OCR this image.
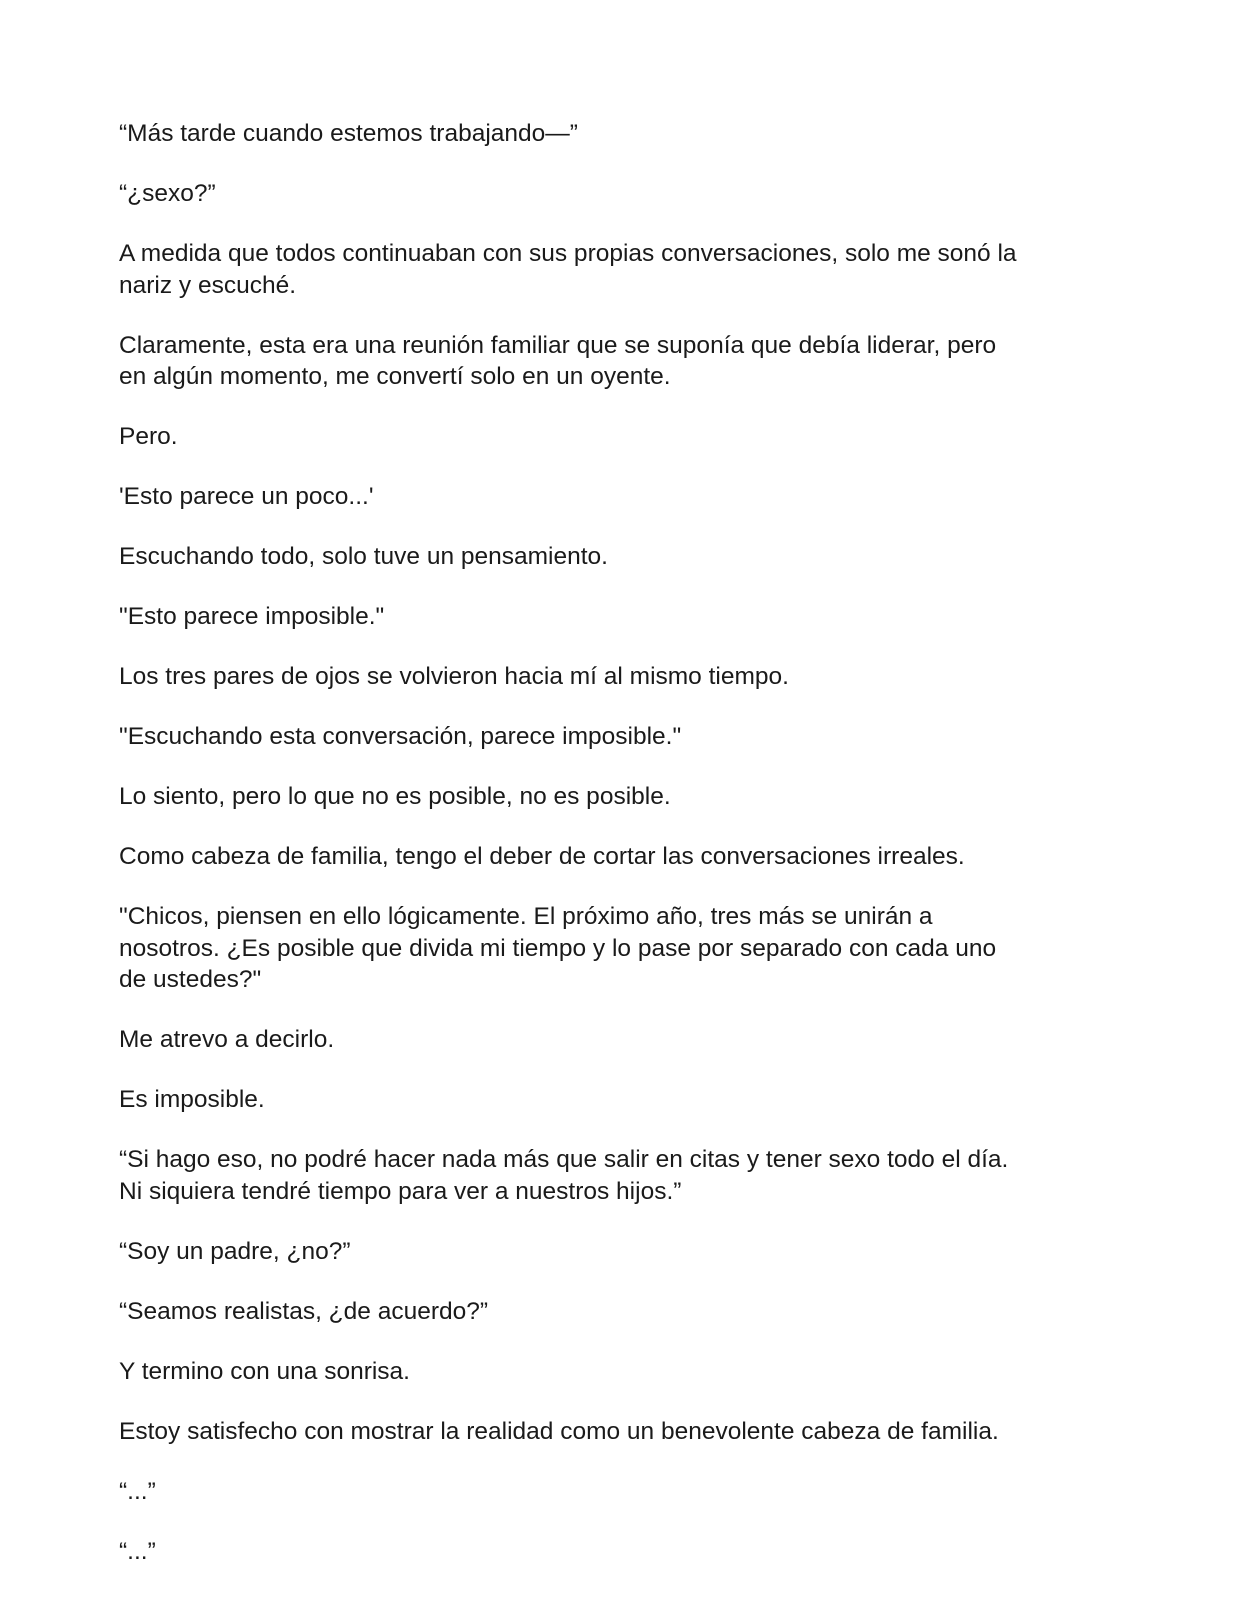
“Más tarde cuando estemos trabajando—”

“¿sexo?”

A medida que todos continuaban con sus propias conversaciones, solo me sonó la
nariz y escuché.

Claramente, esta era una reunión familiar que se suponía que debía liderar, pero
en algún momento, me convertí solo en un oyente.

Pero.

'Esto parece un poco...'

Escuchando todo, solo tuve un pensamiento.

"Esto parece imposible."

Los tres pares de ojos se volvieron hacia mí al mismo tiempo.

"Escuchando esta conversación, parece imposible."

Lo siento, pero lo que no es posible, no es posible.

Como cabeza de familia, tengo el deber de cortar las conversaciones irreales.

"Chicos, piensen en ello lógicamente. El próximo año, tres más se unirán a
nosotros. ¿Es posible que divida mi tiempo y lo pase por separado con cada uno
de ustedes?"

Me atrevo a decirlo.

Es imposible.

“Si hago eso, no podré hacer nada más que salir en citas y tener sexo todo el día.
Ni siquiera tendré tiempo para ver a nuestros hijos.”

“Soy un padre, ¿no?”

“Seamos realistas, ¿de acuerdo?”

Y termino con una sonrisa.

Estoy satisfecho con mostrar la realidad como un benevolente cabeza de familia.

“...”

“...”
